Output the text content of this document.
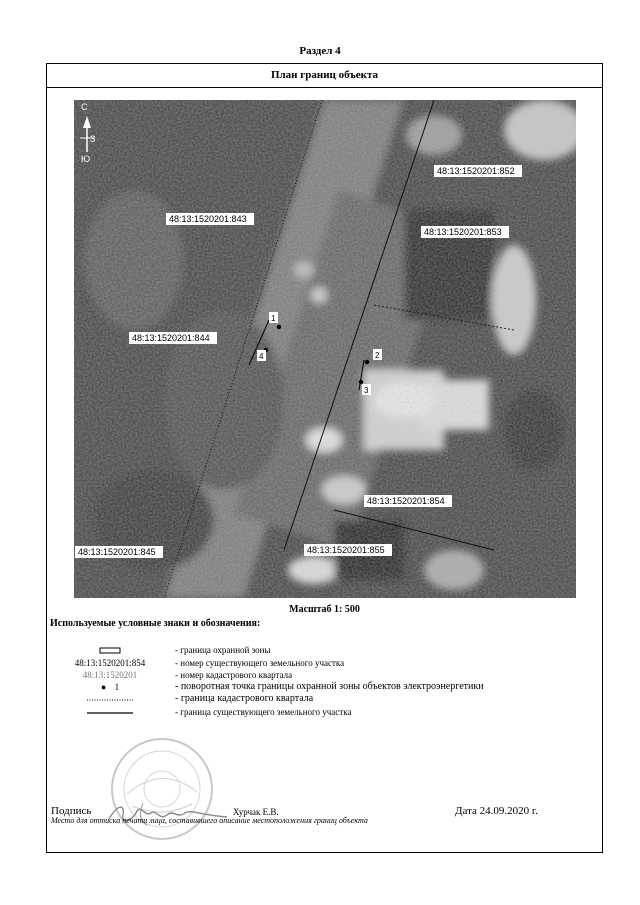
Раздел 4
План границ объекта
С
Ю
З
48:13:1520201:852
48:13:1520201:853
48:13:1520201:843
48:13:1520201:844
48:13:1520201:854
48:13:1520201:845	48:13:1520201:855
1
2
3
4
Масштаб 1: 500
Используемые условные знаки и обозначения:
- граница охранной зоны
48:13:1520201:854	- номер существующего земельного участка
48:13:1520201	- номер кадастрового квартала
● 1	- поворотная точка границы охранной зоны объектов электроэнергетики
- граница кадастрового квартала
- граница существующего земельного участка
Подпись	Хурчак Е.В.	Дата 24.09.2020 г.
Место для оттиска печати лица, составившего описание местоположения границ объекта
